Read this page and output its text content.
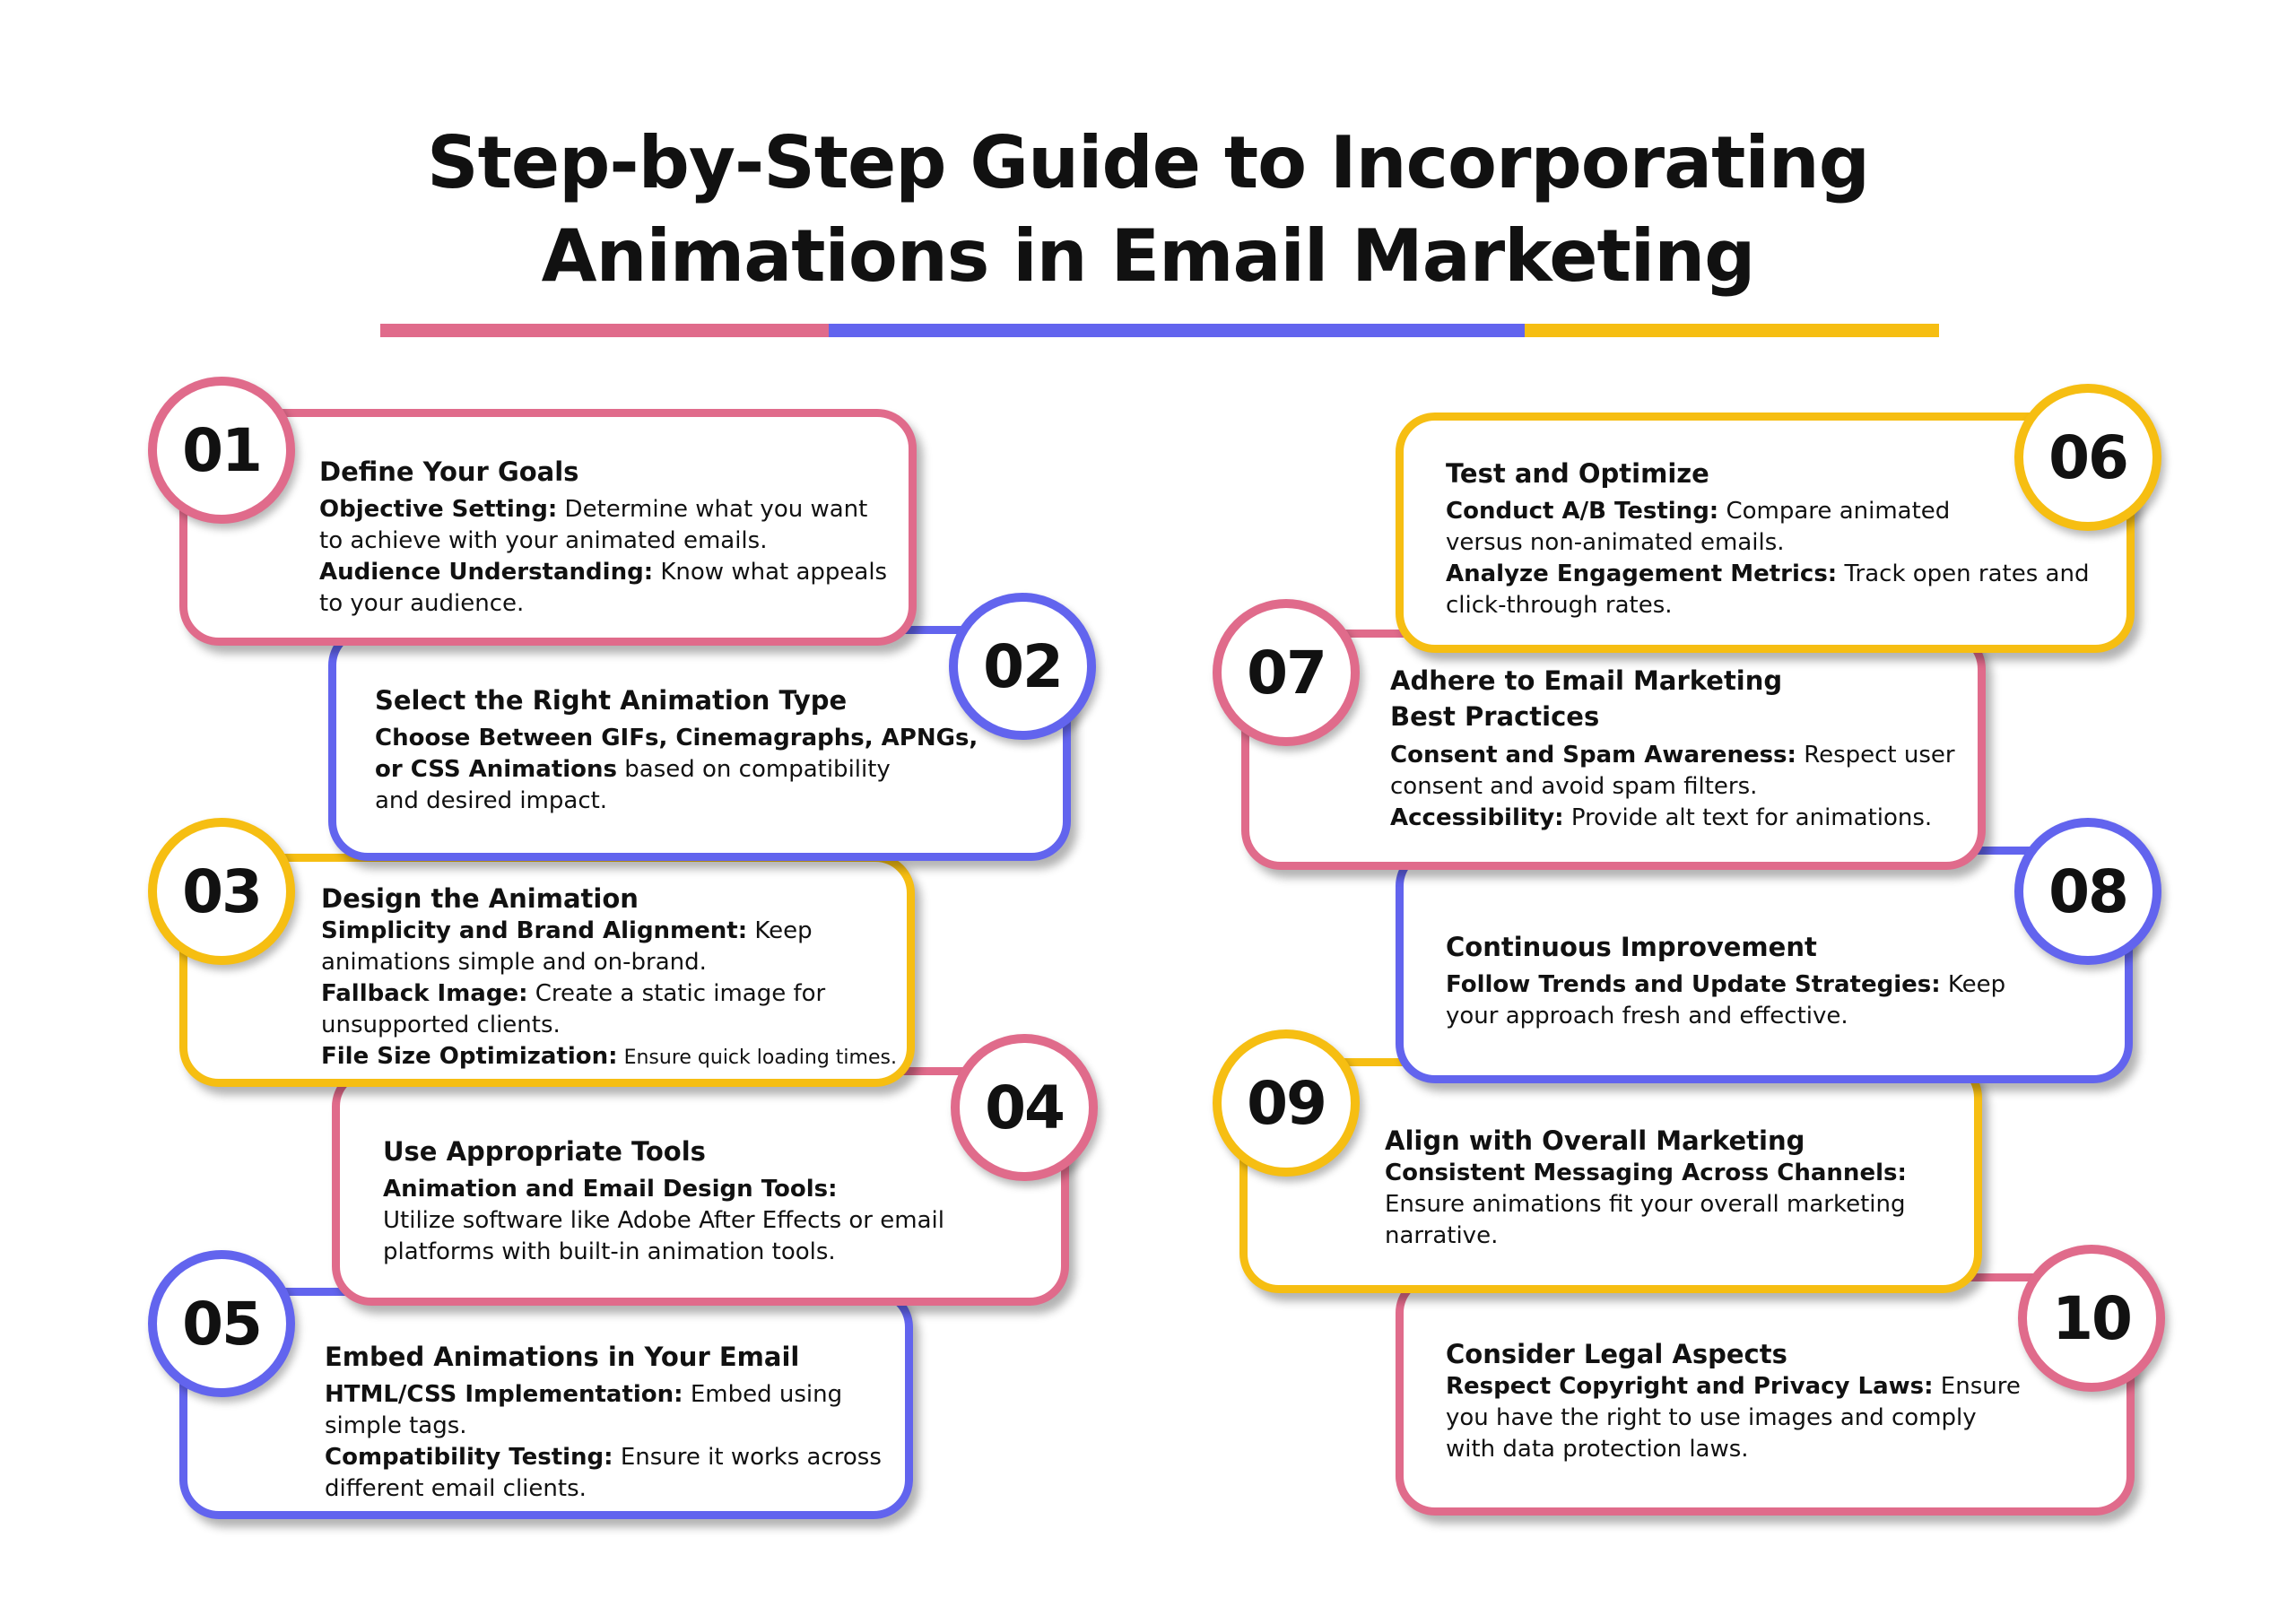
Step-by-Step Guide to Incorporating
Animations in Email Marketing
Embed Animations in Your Email

HTML/CSS Implementation: Embed using

simple tags.

Compatibility Testing: Ensure it works across

different email clients.

05
Use Appropriate Tools

Animation and Email Design Tools:

Utilize software like Adobe After Effects or email

platforms with built-in animation tools.

04
Design the Animation

Simplicity and Brand Alignment: Keep

animations simple and on-brand.

Fallback Image: Create a static image for

unsupported clients.

File Size Optimization: Ensure quick loading times.

03
Select the Right Animation Type

Choose Between GIFs, Cinemagraphs, APNGs,

or CSS Animations based on compatibility

and desired impact.

02
Define Your Goals

Objective Setting: Determine what you want

to achieve with your animated emails.

Audience Understanding: Know what appeals

to your audience.

01
Consider Legal Aspects

Respect Copyright and Privacy Laws: Ensure

you have the right to use images and comply

with data protection laws.

10
Align with Overall Marketing

Consistent Messaging Across Channels:

Ensure animations fit your overall marketing

narrative.

09
Continuous Improvement

Follow Trends and Update Strategies: Keep

your approach fresh and effective.

08
Adhere to Email Marketing
Best Practices

Consent and Spam Awareness: Respect user

consent and avoid spam filters.

Accessibility: Provide alt text for animations.

07
Test and Optimize

Conduct A/B Testing: Compare animated

versus non-animated emails.

Analyze Engagement Metrics: Track open rates and

click-through rates.

06
